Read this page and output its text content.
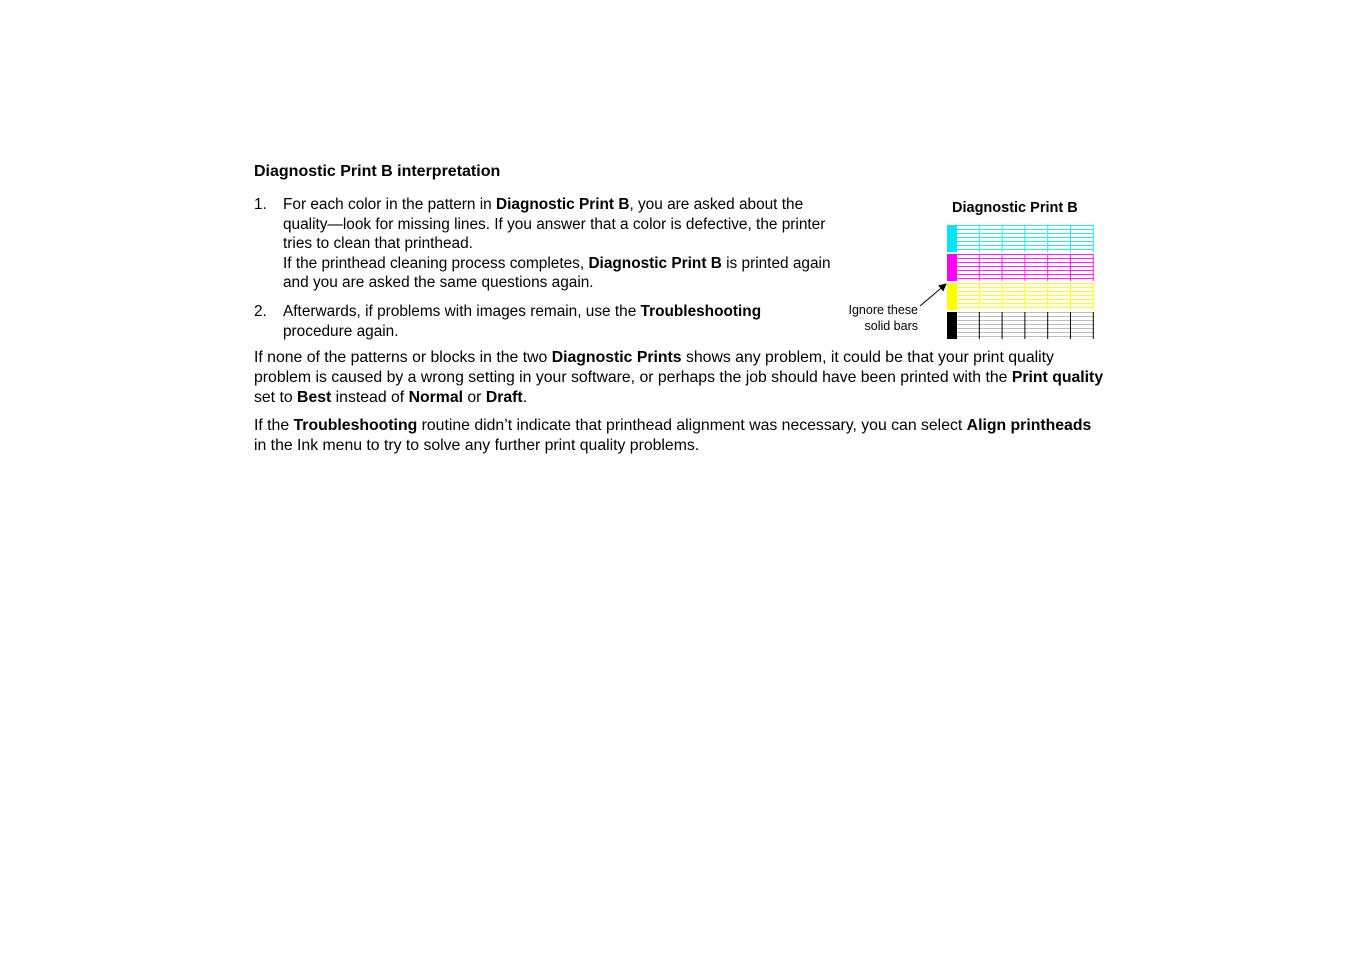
Diagnostic Print B interpretation
1. For each color in the pattern in Diagnostic Print B, you are asked about the quality—look for missing lines. If you answer that a color is defective, the printer tries to clean that printhead.

If the printhead cleaning process completes, Diagnostic Print B is printed again and you are asked the same questions again.

2. Afterwards, if problems with images remain, use the Troubleshooting procedure again.

Diagnostic Print B

Ignore these
solid bars

If none of the patterns or blocks in the two Diagnostic Prints shows any problem, it could be that your print quality problem is caused by a wrong setting in your software, or perhaps the job should have been printed with the Print quality set to Best instead of Normal or Draft.

If the Troubleshooting routine didn’t indicate that printhead alignment was necessary, you can select Align printheads in the Ink menu to try to solve any further print quality problems.
